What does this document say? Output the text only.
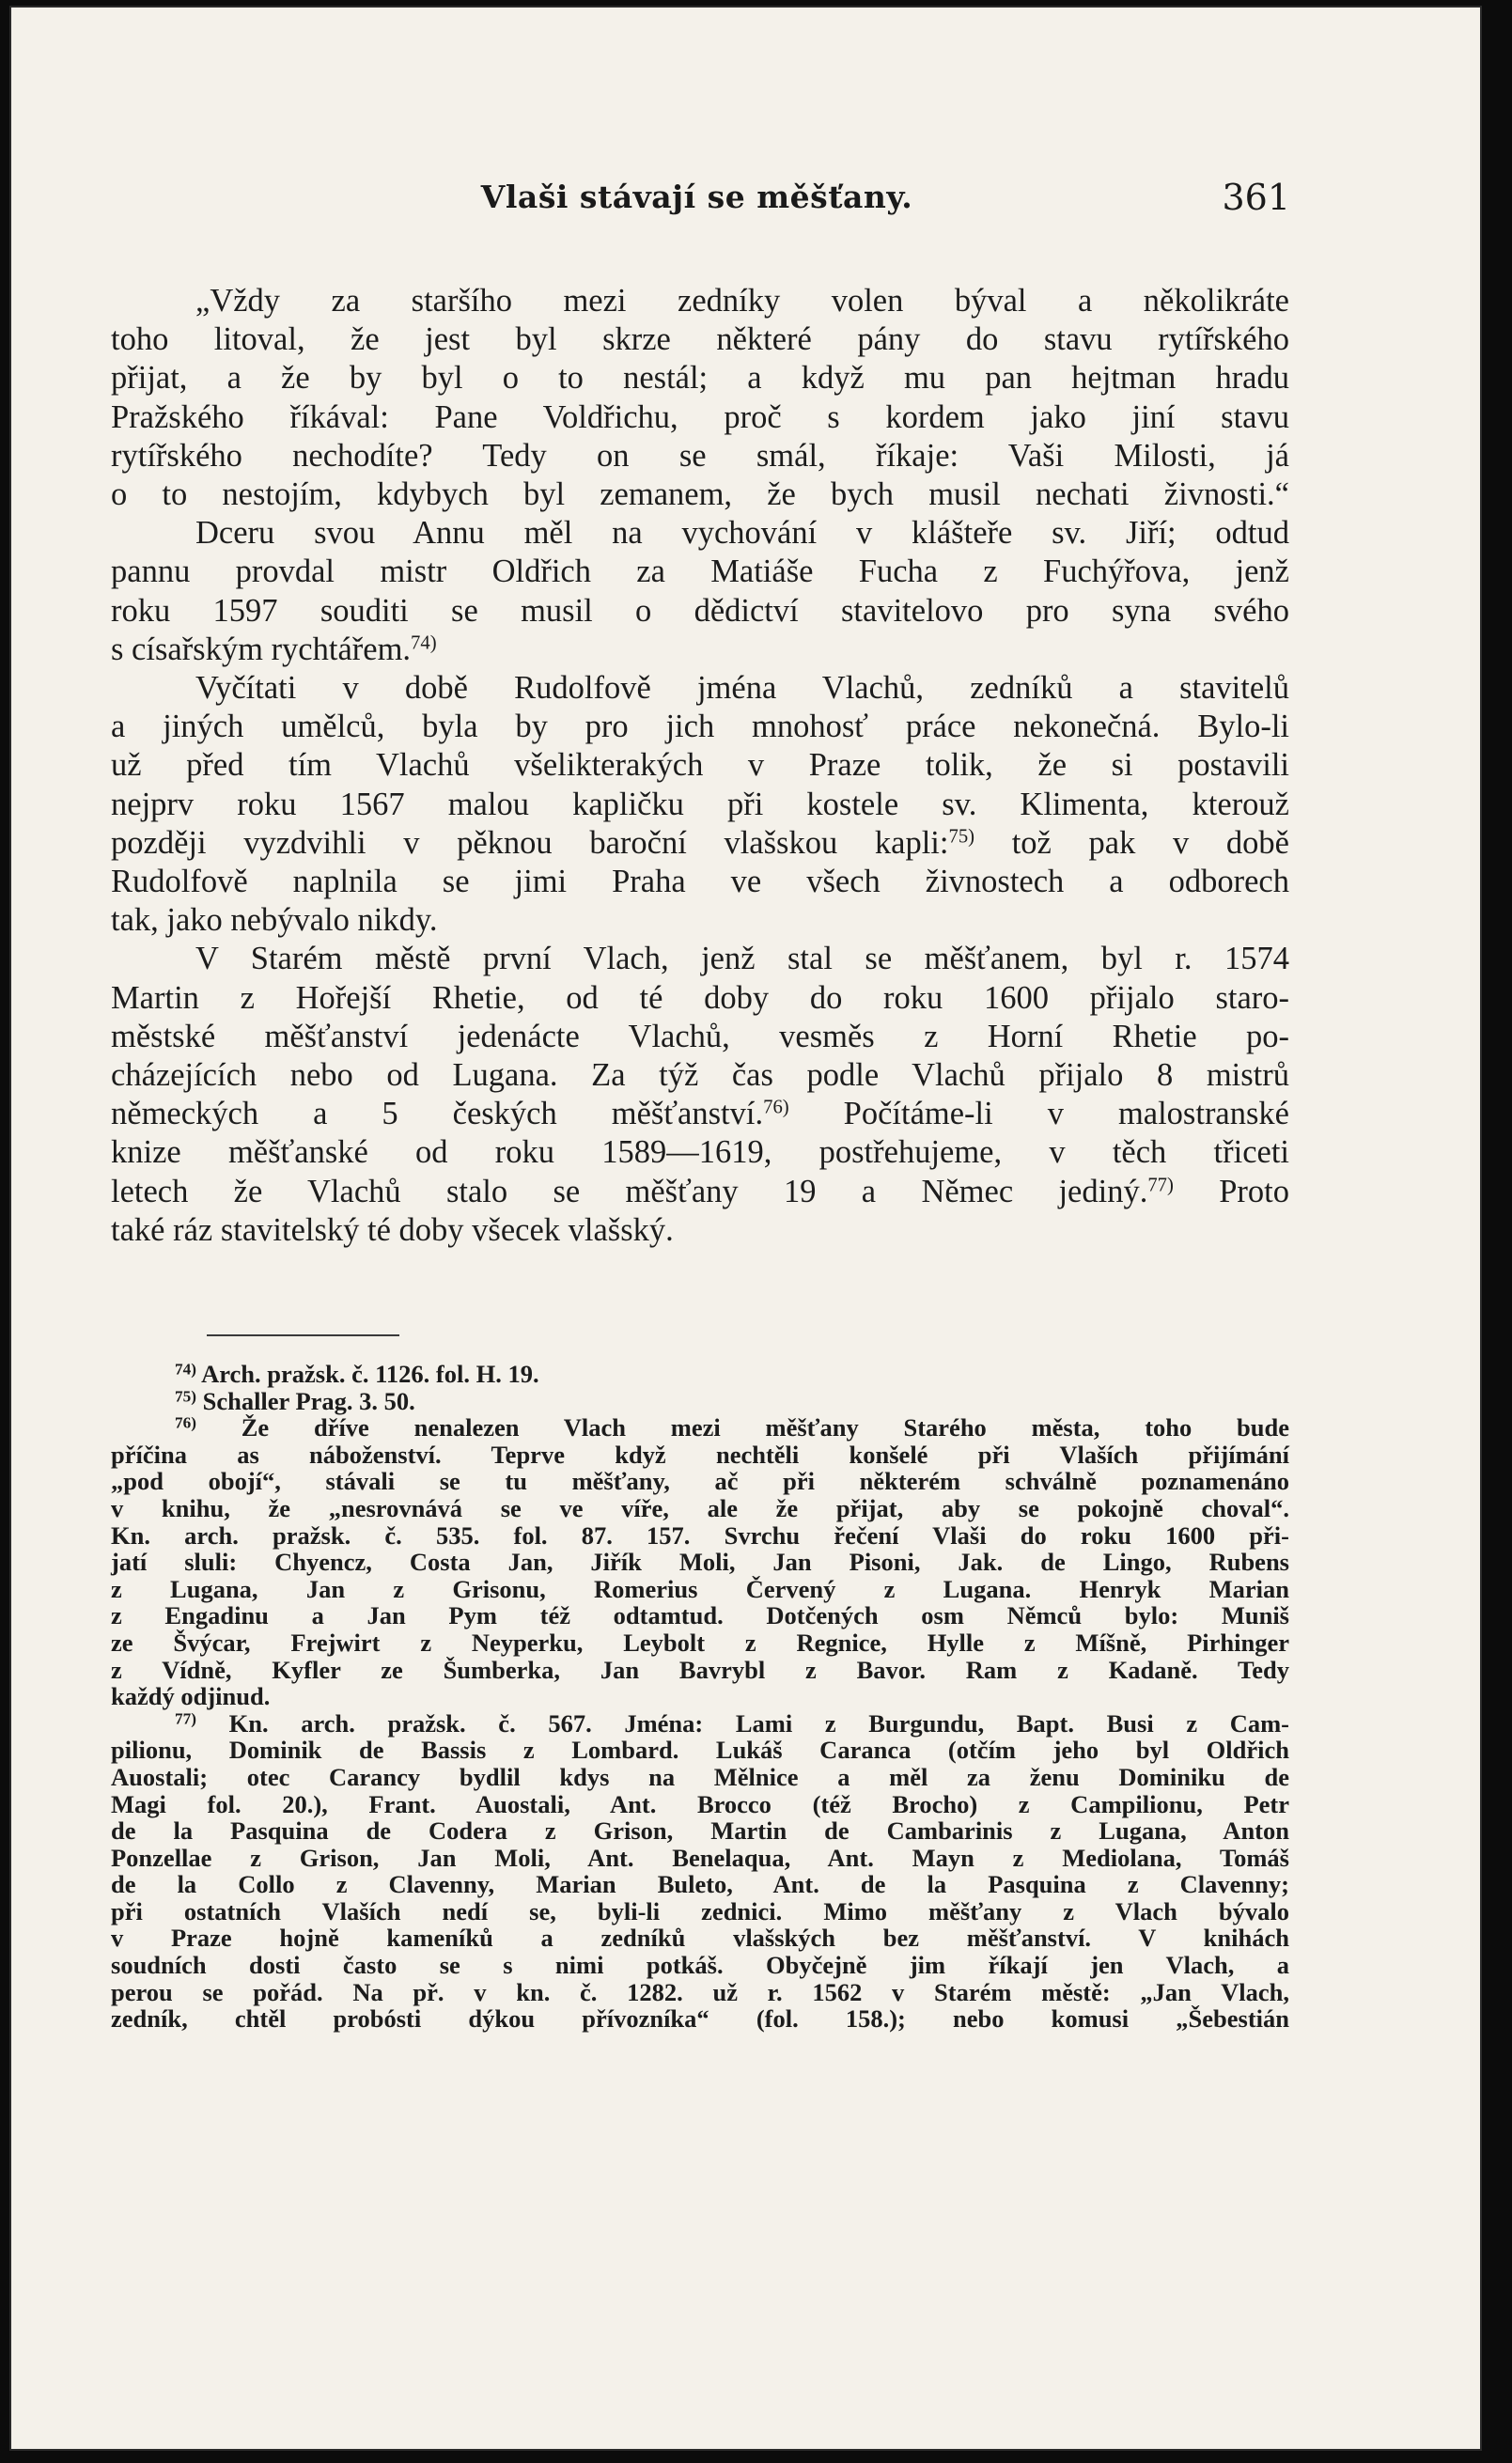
Vlaši stávají se měšťany.	361
„Vždy za staršího mezi zedníky volen býval a několikráte
toho litoval, že jest byl skrze některé pány do stavu rytířského
přijat, a že by byl o to nestál; a když mu pan hejtman hradu
Pražského říkával: Pane Voldřichu, proč s kordem jako jiní stavu
rytířského nechodíte? Tedy on se smál, říkaje: Vaši Milosti, já
o to nestojím, kdybych byl zemanem, že bych musil nechati živnosti.“
Dceru svou Annu měl na vychování v klášteře sv. Jiří; odtud
pannu provdal mistr Oldřich za Matiáše Fucha z Fuchýřova, jenž
roku 1597 souditi se musil o dědictví stavitelovo pro syna svého
s císařským rychtářem.$^{74)}$
Vyčítati v době Rudolfově jména Vlachů, zedníků a stavitelů
a jiných umělců, byla by pro jich mnohosť práce nekonečná. Bylo-li
už před tím Vlachů všelikterakých v Praze tolik, že si postavili
nejprv roku 1567 malou kapličku při kostele sv. Klimenta, kterouž
později vyzdvihli v pěknou baroční vlašskou kapli:$^{75)}$ tož pak v době
Rudolfově naplnila se jimi Praha ve všech živnostech a odborech
tak, jako nebývalo nikdy.
V Starém městě první Vlach, jenž stal se měšťanem, byl r. 1574
Martin z Hořejší Rhetie, od té doby do roku 1600 přijalo staro-
městské měšťanství jedenácte Vlachů, vesměs z Horní Rhetie po-
cházejících nebo od Lugana. Za týž čas podle Vlachů přijalo 8 mistrů
německých a 5 českých měšťanství.$^{76)}$ Počítáme-li v malostranské
knize měšťanské od roku 1589—1619, postřehujeme, v těch třiceti
letech že Vlachů stalo se měšťany 19 a Němec jediný.$^{77)}$ Proto
také ráz stavitelský té doby všecek vlašský.
$^{74)}$ Arch. pražsk. č. 1126. fol. H. 19.
$^{75)}$ Schaller Prag. 3. 50.
$^{76)}$ Že dříve nenalezen Vlach mezi měšťany Starého města, toho bude
příčina as náboženství. Teprve když nechtěli konšelé při Vlaších přijímání
„pod obojí“, stávali se tu měšťany, ač při některém schválně poznamenáno
v knihu, že „nesrovnává se ve víře, ale že přijat, aby se pokojně choval“.
Kn. arch. pražsk. č. 535. fol. 87. 157. Svrchu řečení Vlaši do roku 1600 při-
jatí sluli: Chyencz, Costa Jan, Jiřík Moli, Jan Pisoni, Jak. de Lingo, Rubens
z Lugana, Jan z Grisonu, Romerius Červený z Lugana. Henryk Marian
z Engadinu a Jan Pym též odtamtud. Dotčených osm Němců bylo: Muniš
ze Švýcar, Frejwirt z Neyperku, Leybolt z Regnice, Hylle z Míšně, Pirhinger
z Vídně, Kyfler ze Šumberka, Jan Bavrybl z Bavor. Ram z Kadaně. Tedy
každý odjinud.
$^{77)}$ Kn. arch. pražsk. č. 567. Jména: Lami z Burgundu, Bapt. Busi z Cam-
pilionu, Dominik de Bassis z Lombard. Lukáš Caranca (otčím jeho byl Oldřich
Auostali; otec Carancy bydlil kdys na Mělnice a měl za ženu Dominiku de
Magi fol. 20.), Frant. Auostali, Ant. Brocco (též Brocho) z Campilionu, Petr
de la Pasquina de Codera z Grison, Martin de Cambarinis z Lugana, Anton
Ponzellae z Grison, Jan Moli, Ant. Benelaqua, Ant. Mayn z Mediolana, Tomáš
de la Collo z Clavenny, Marian Buleto, Ant. de la Pasquina z Clavenny;
při ostatních Vlaších nedí se, byli-li zednici. Mimo měšťany z Vlach bývalo
v Praze hojně kameníků a zedníků vlašských bez měšťanství. V knihách
soudních dosti často se s nimi potkáš. Obyčejně jim říkají jen Vlach, a
perou se pořád. Na př. v kn. č. 1282. už r. 1562 v Starém městě: „Jan Vlach,
zedník, chtěl probósti dýkou přívozníka“ (fol. 158.); nebo komusi „Šebestián
